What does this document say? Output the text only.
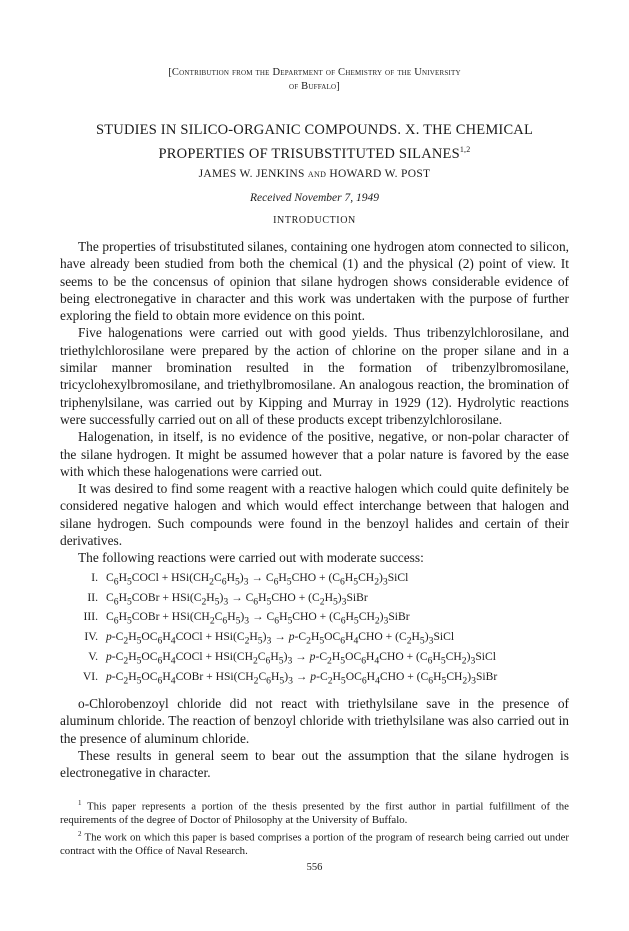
[Contribution from the Department of Chemistry of the University
of Buffalo]
STUDIES IN SILICO-ORGANIC COMPOUNDS. X. THE CHEMICAL
PROPERTIES OF TRISUBSTITUTED SILANES$^{1,2}$
JAMES W. JENKINS and HOWARD W. POST
Received November 7, 1949
INTRODUCTION

The properties of trisubstituted silanes, containing one hydrogen atom connected to silicon, have already been studied from both the chemical (1) and the physical (2) point of view. It seems to be the concensus of opinion that silane hydrogen shows considerable evidence of being electronegative in character and this work was undertaken with the purpose of further exploring the field to obtain more evidence on this point.

Five halogenations were carried out with good yields. Thus tribenzylchlorosilane, and triethylchlorosilane were prepared by the action of chlorine on the proper silane and in a similar manner bromination resulted in the formation of tribenzylbromosilane, tricyclohexylbromosilane, and triethylbromosilane. An analogous reaction, the bromination of triphenylsilane, was carried out by Kipping and Murray in 1929 (12). Hydrolytic reactions were successfully carried out on all of these products except tribenzylchlorosilane.

Halogenation, in itself, is no evidence of the positive, negative, or non-polar character of the silane hydrogen. It might be assumed however that a polar nature is favored by the ease with which these halogenations were carried out.

It was desired to find some reagent with a reactive halogen which could quite definitely be considered negative halogen and which would effect interchange between that halogen and silane hydrogen. Such compounds were found in the benzoyl halides and certain of their derivatives.

The following reactions were carried out with moderate success:

I. $C_6H_5COCl + HSi(CH_2C_6H_5)_3 \to C_6H_5CHO$ + $(C_6H_5CH_2)_3SiCl$
II. $C_6H_5COBr + HSi(C_2H_5)_3 \to C_6H_5CHO$ + $(C_2H_5)_3SiBr$
III. $C_6H_5COBr + HSi(CH_2C_6H_5)_3 \to C_6H_5CHO$ + $(C_6H_5CH_2)_3SiBr$
IV. $p-C_2H_5OC_6H_4COCl + HSi(C_2H_5)_3 \to p-C_2H_5OC_6H_4CHO$ + $(C_2H_5)_3SiCl$
V. $p-C_2H_5OC_6H_4COCl + HSi(CH_2C_6H_5)_3 \to p-C_2H_5OC_6H_4CHO$ + $(C_6H_5CH_2)_3SiCl$
VI. $p-C_2H_5OC_6H_4COBr + HSi(CH_2C_6H_5)_3 \to p-C_2H_5OC_6H_4CHO$ + $(C_6H_5CH_2)_3SiBr$

o-Chlorobenzoyl chloride did not react with triethylsilane save in the presence of aluminum chloride. The reaction of benzoyl chloride with triethylsilane was also carried out in the presence of aluminum chloride.

These results in general seem to bear out the assumption that the silane hydrogen is electronegative in character.

$^1$ This paper represents a portion of the thesis presented by the first author in partial fulfillment of the requirements of the degree of Doctor of Philosophy at the University of Buffalo.

$^2$ The work on which this paper is based comprises a portion of the program of research being carried out under contract with the Office of Naval Research.

556
